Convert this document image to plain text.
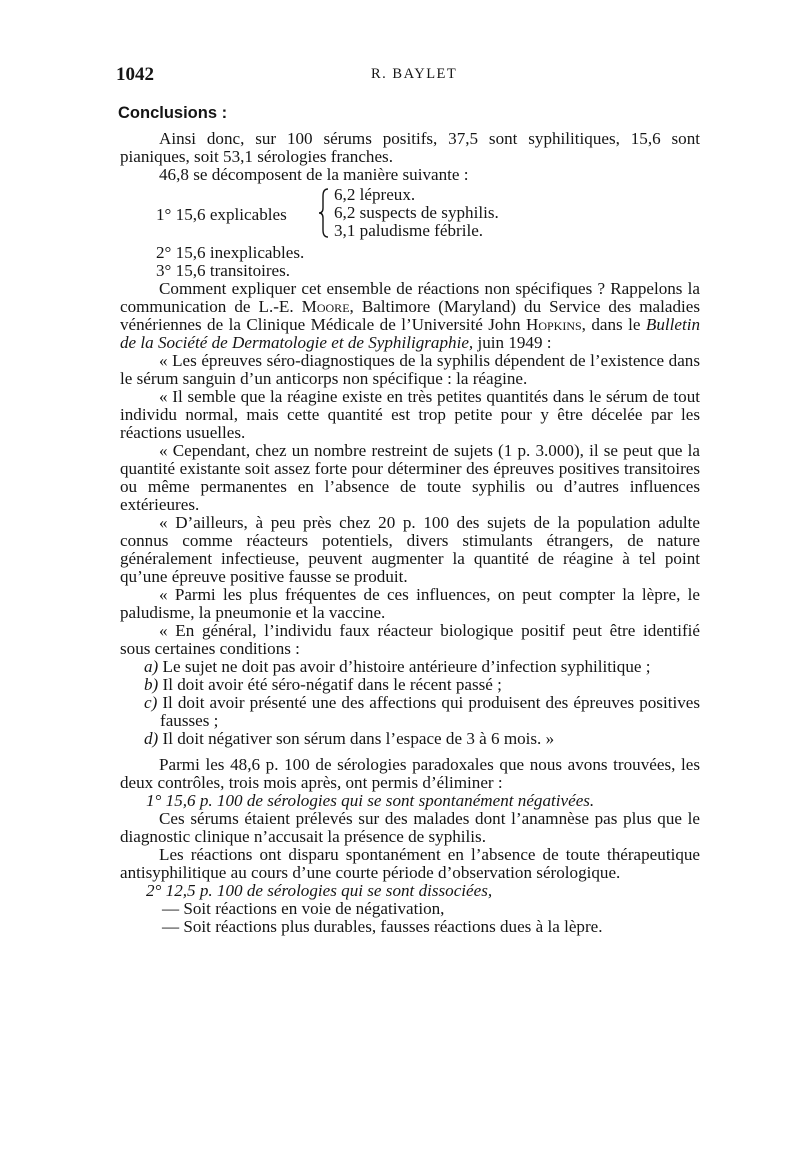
1042	R. BAYLET
Conclusions :

Ainsi donc, sur 100 sérums positifs, 37,5 sont syphilitiques, 15,6 sont pianiques, soit 53,1 sérologies franches.

46,8 se décomposent de la manière suivante :

1° 15,6 explicables
6,2 lépreux.
6,2 suspects de syphilis.
3,1 paludisme fébrile.

2° 15,6 inexplicables.

3° 15,6 transitoires.

Comment expliquer cet ensemble de réactions non spécifiques ? Rappelons la communication de L.-E. Moore, Baltimore (Maryland) du Service des maladies vénériennes de la Clinique Médicale de l’Université John Hopkins, dans le Bulletin de la Société de Dermatologie et de Syphiligraphie, juin 1949 :

« Les épreuves séro-diagnostiques de la syphilis dépendent de l’existence dans le sérum sanguin d’un anticorps non spécifique : la réagine.

« Il semble que la réagine existe en très petites quantités dans le sérum de tout individu normal, mais cette quantité est trop petite pour y être décelée par les réactions usuelles.

« Cependant, chez un nombre restreint de sujets (1 p. 3.000), il se peut que la quantité existante soit assez forte pour déterminer des épreuves positives transitoires ou même permanentes en l’absence de toute syphilis ou d’autres influences extérieures.

« D’ailleurs, à peu près chez 20 p. 100 des sujets de la population adulte connus comme réacteurs potentiels, divers stimulants étrangers, de nature généralement infectieuse, peuvent augmenter la quantité de réagine à tel point qu’une épreuve positive fausse se produit.

« Parmi les plus fréquentes de ces influences, on peut compter la lèpre, le paludisme, la pneumonie et la vaccine.

« En général, l’individu faux réacteur biologique positif peut être identifié sous certaines conditions :

a) Le sujet ne doit pas avoir d’histoire antérieure d’infection syphilitique ;

b) Il doit avoir été séro-négatif dans le récent passé ;

c) Il doit avoir présenté une des affections qui produisent des épreuves positives fausses ;

d) Il doit négativer son sérum dans l’espace de 3 à 6 mois. »

Parmi les 48,6 p. 100 de sérologies paradoxales que nous avons trouvées, les deux contrôles, trois mois après, ont permis d’éliminer :

1° 15,6 p. 100 de sérologies qui se sont spontanément négativées.

Ces sérums étaient prélevés sur des malades dont l’anamnèse pas plus que le diagnostic clinique n’accusait la présence de syphilis.

Les réactions ont disparu spontanément en l’absence de toute thérapeutique antisyphilitique au cours d’une courte période d’observation sérologique.

2° 12,5 p. 100 de sérologies qui se sont dissociées,

— Soit réactions en voie de négativation,

— Soit réactions plus durables, fausses réactions dues à la lèpre.
